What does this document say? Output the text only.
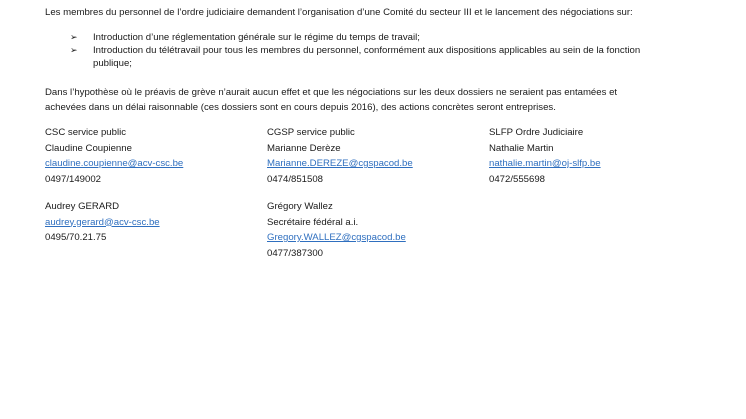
Les membres du personnel de l’ordre judiciaire demandent l’organisation d’une Comité du secteur III et le lancement des négociations sur:
➢ Introduction d’une réglementation générale sur le régime du temps de travail;
➢ Introduction du télétravail pour tous les membres du personnel, conformément aux dispositions applicables au sein de la fonction
publique;
Dans l’hypothèse où le préavis de grève n’aurait aucun effet et que les négociations sur les deux dossiers ne seraient pas entamées et
achevées dans un délai raisonnable (ces dossiers sont en cours depuis 2016), des actions concrètes seront entreprises.
CSC service public
Claudine Coupienne
claudine.coupienne@acv-csc.be
0497/149002
CGSP service public
Marianne Derèze
Marianne.DEREZE@cgspacod.be
0474/851508
SLFP Ordre Judiciaire
Nathalie Martin
nathalie.martin@oj-slfp.be
0472/555698
Audrey GERARD
audrey.gerard@acv-csc.be
0495/70.21.75
Grégory Wallez
Secrétaire fédéral a.i.
Gregory.WALLEZ@cgspacod.be
0477/387300
